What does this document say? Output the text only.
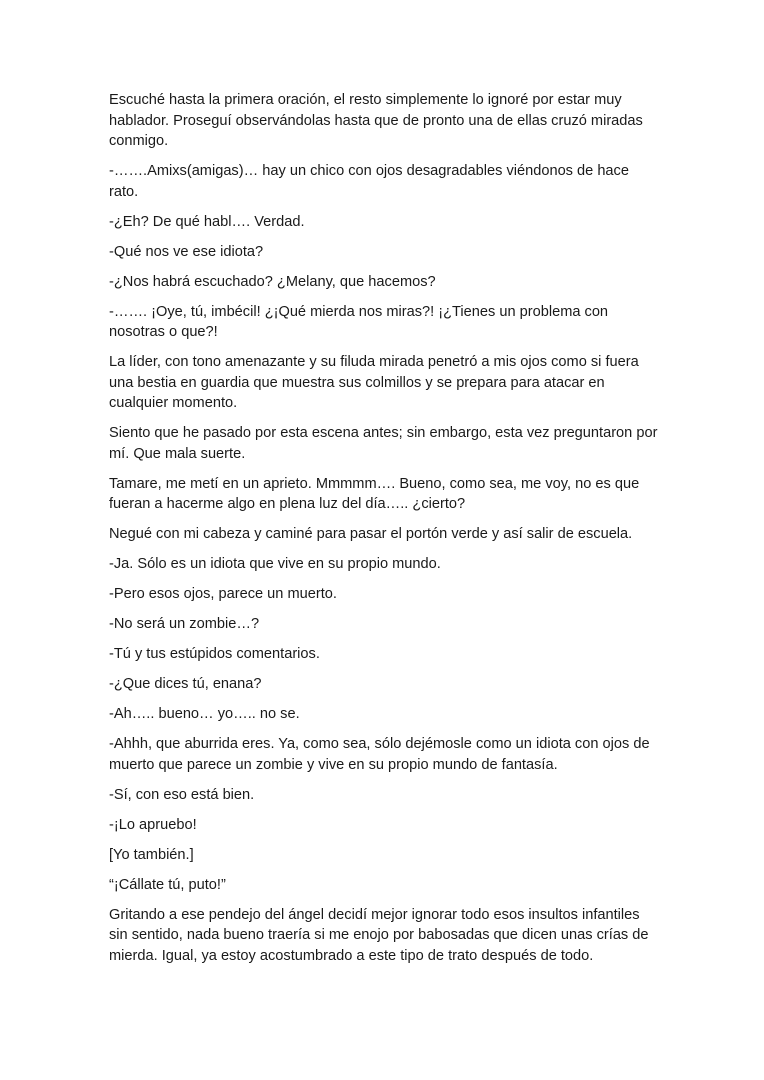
Escuché hasta la primera oración, el resto simplemente lo ignoré por estar muy hablador. Proseguí observándolas hasta que de pronto una de ellas cruzó miradas conmigo.

-…….Amixs(amigas)… hay un chico con ojos desagradables viéndonos de hace rato.

-¿Eh? De qué habl…. Verdad.

-Qué nos ve ese idiota?

-¿Nos habrá escuchado? ¿Melany, que hacemos?

-……. ¡Oye, tú, imbécil! ¿¡Qué mierda nos miras?! ¡¿Tienes un problema con nosotras o que?!

La líder, con tono amenazante y su filuda mirada penetró a mis ojos como si fuera una bestia en guardia que muestra sus colmillos y se prepara para atacar en cualquier momento.

Siento que he pasado por esta escena antes; sin embargo, esta vez preguntaron por mí. Que mala suerte.

Tamare, me metí en un aprieto. Mmmmm…. Bueno, como sea, me voy, no es que fueran a hacerme algo en plena luz del día….. ¿cierto?

Negué con mi cabeza y caminé para pasar el portón verde y así salir de escuela.

-Ja. Sólo es un idiota que vive en su propio mundo.

-Pero esos ojos, parece un muerto.

-No será un zombie…?

-Tú y tus estúpidos comentarios.

-¿Que dices tú, enana?

-Ah….. bueno… yo….. no se.

-Ahhh, que aburrida eres. Ya, como sea, sólo dejémosle como un idiota con ojos de muerto que parece un zombie y vive en su propio mundo de fantasía.

-Sí, con eso está bien.

-¡Lo apruebo!

[Yo también.]

“¡Cállate tú, puto!”

Gritando a ese pendejo del ángel decidí mejor ignorar todo esos insultos infantiles sin sentido, nada bueno traería si me enojo por babosadas que dicen unas crías de mierda. Igual, ya estoy acostumbrado a este tipo de trato después de todo.
